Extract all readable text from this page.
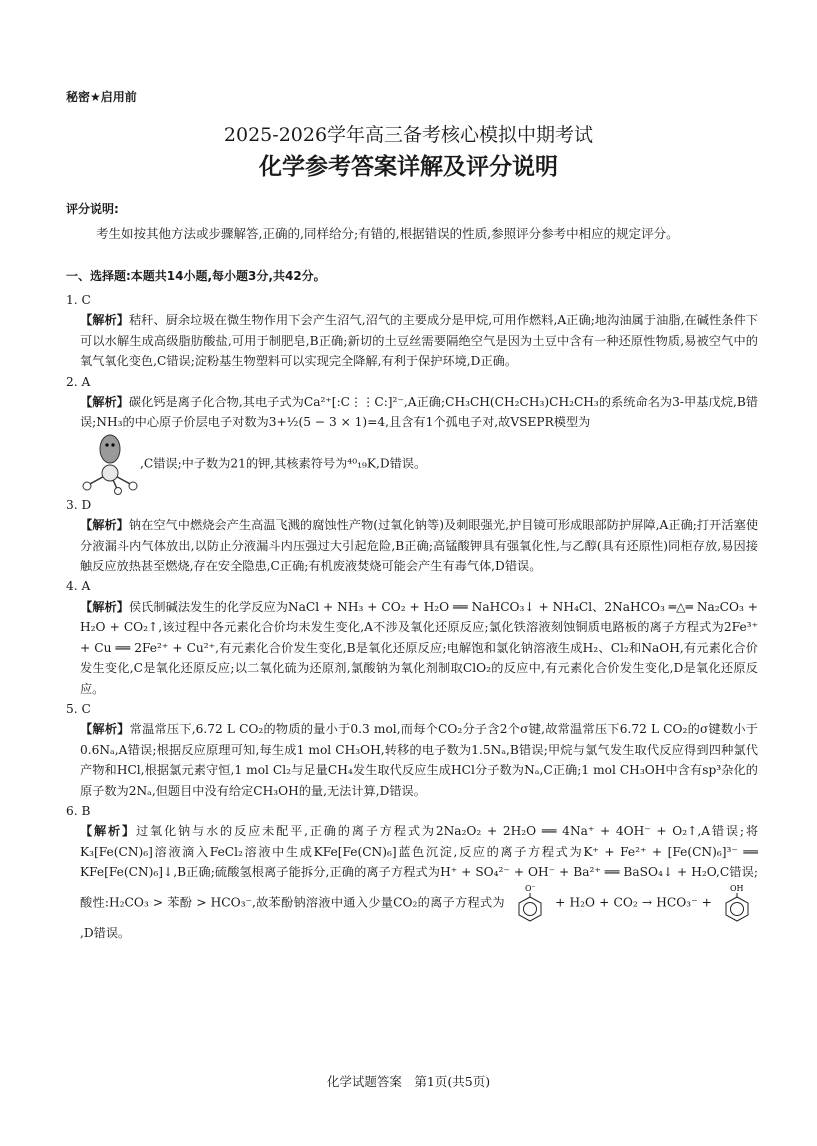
秘密★启用前
2025-2026学年高三备考核心模拟中期考试
化学参考答案详解及评分说明
评分说明:
考生如按其他方法或步骤解答,正确的,同样给分;有错的,根据错误的性质,参照评分参考中相应的规定评分。
一、选择题:本题共14小题,每小题3分,共42分。
1. C

【解析】秸秆、厨余垃圾在微生物作用下会产生沼气,沼气的主要成分是甲烷,可用作燃料,A正确;地沟油属于油脂,在碱性条件下可以水解生成高级脂肪酸盐,可用于制肥皂,B正确;新切的土豆丝需要隔绝空气是因为土豆中含有一种还原性物质,易被空气中的氧气氧化变色,C错误;淀粉基生物塑料可以实现完全降解,有利于保护环境,D正确。

2. A

【解析】碳化钙是离子化合物,其电子式为Ca²⁺[:C⋮⋮C:]²⁻,A正确;CH₃CH(CH₂CH₃)CH₂CH₃的系统命名为3-甲基戊烷,B错误;NH₃的中心原子价层电子对数为3+½(5 − 3 × 1)=4,且含有1个孤电子对,故VSEPR模型为
,C错误;中子数为21的钾,其核素符号为⁴⁰₁₉K,D错误。

3. D

【解析】钠在空气中燃烧会产生高温飞溅的腐蚀性产物(过氧化钠等)及刺眼强光,护目镜可形成眼部防护屏障,A正确;打开活塞使分液漏斗内气体放出,以防止分液漏斗内压强过大引起危险,B正确;高锰酸钾具有强氧化性,与乙醇(具有还原性)同柜存放,易因接触反应放热甚至燃烧,存在安全隐患,C正确;有机废液焚烧可能会产生有毒气体,D错误。

4. A

【解析】侯氏制碱法发生的化学反应为NaCl + NH₃ + CO₂ + H₂O ══ NaHCO₃↓ + NH₄Cl、2NaHCO₃ ═△═ Na₂CO₃ + H₂O + CO₂↑,该过程中各元素化合价均未发生变化,A不涉及氧化还原反应;氯化铁溶液刻蚀铜质电路板的离子方程式为2Fe³⁺ + Cu ══ 2Fe²⁺ + Cu²⁺,有元素化合价发生变化,B是氧化还原反应;电解饱和氯化钠溶液生成H₂、Cl₂和NaOH,有元素化合价发生变化,C是氧化还原反应;以二氧化硫为还原剂,氯酸钠为氧化剂制取ClO₂的反应中,有元素化合价发生变化,D是氧化还原反应。

5. C

【解析】常温常压下,6.72 L CO₂的物质的量小于0.3 mol,而每个CO₂分子含2个σ键,故常温常压下6.72 L CO₂的σ键数小于0.6Nₐ,A错误;根据反应原理可知,每生成1 mol CH₃OH,转移的电子数为1.5Nₐ,B错误;甲烷与氯气发生取代反应得到四种氯代产物和HCl,根据氯元素守恒,1 mol Cl₂与足量CH₄发生取代反应生成HCl分子数为Nₐ,C正确;1 mol CH₃OH中含有sp³杂化的原子数为2Nₐ,但题目中没有给定CH₃OH的量,无法计算,D错误。

6. B

【解析】过氧化钠与水的反应未配平,正确的离子方程式为2Na₂O₂ + 2H₂O ══ 4Na⁺ + 4OH⁻ + O₂↑,A错误;将K₃[Fe(CN)₆]溶液滴入FeCl₂溶液中生成KFe[Fe(CN)₆]蓝色沉淀,反应的离子方程式为K⁺ + Fe²⁺ + [Fe(CN)₆]³⁻ ══ KFe[Fe(CN)₆]↓,B正确;硫酸氢根离子能拆分,正确的离子方程式为H⁺ + SO₄²⁻ + OH⁻ + Ba²⁺ ══ BaSO₄↓ + H₂O,C错误;酸性:H₂CO₃ > 苯酚 > HCO₃⁻,故苯酚钠溶液中通入少量CO₂的离子方程式为
O⁻
+ H₂O + CO₂ → HCO₃⁻ +
OH
,D错误。

化学试题答案　第1页(共5页)
